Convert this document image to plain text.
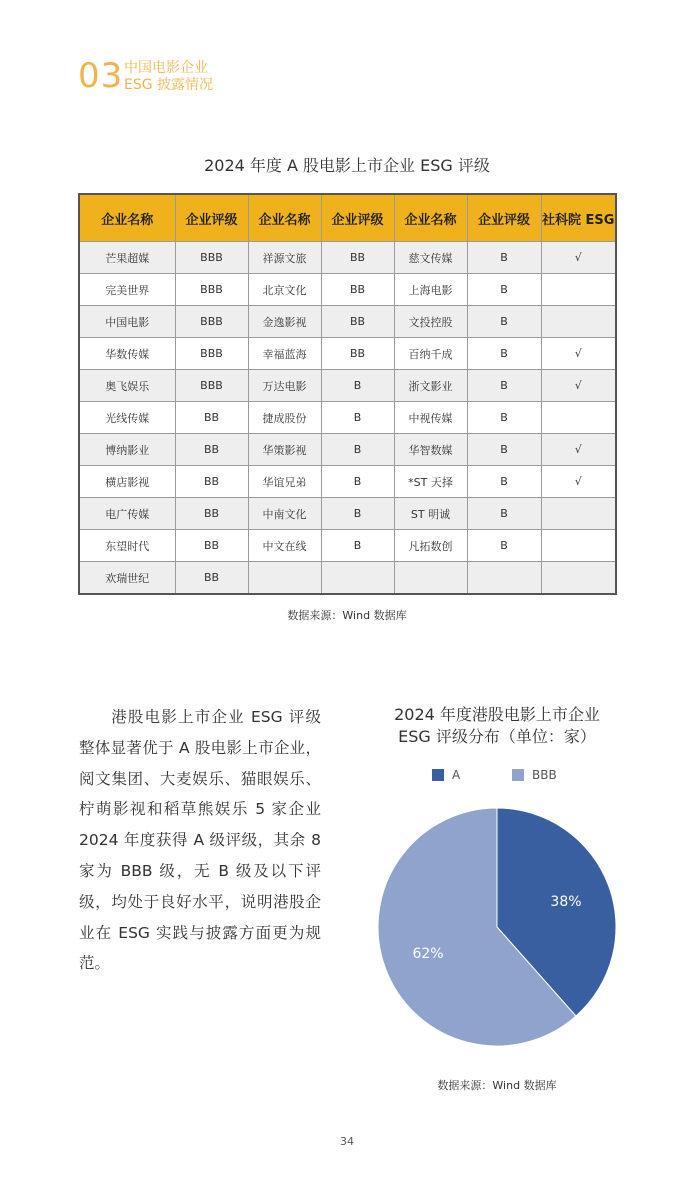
03 中国电影企业
ESG 披露情况
2024 年度 A 股电影上市企业 ESG 评级
企业名称	企业评级	企业名称	企业评级	企业名称	企业评级	社科院 ESG
芒果超媒	BBB	祥源文旅	BB	慈文传媒	B	√
完美世界	BBB	北京文化	BB	上海电影	B	
中国电影	BBB	金逸影视	BB	文投控股	B	
华数传媒	BBB	幸福蓝海	BB	百纳千成	B	√
奥飞娱乐	BBB	万达电影	B	浙文影业	B	√
光线传媒	BB	捷成股份	B	中视传媒	B	
博纳影业	BB	华策影视	B	华智数媒	B	√
横店影视	BB	华谊兄弟	B	*ST 天择	B	√
电广传媒	BB	中南文化	B	ST 明诚	B	
东望时代	BB	中文在线	B	凡拓数创	B	
欢瑞世纪	BB					
数据来源：Wind 数据库
港股电影上市企业 ESG 评级整体显著优于 A 股电影上市企业，阅文集团、大麦娱乐、猫眼娱乐、柠萌影视和稻草熊娱乐 5 家企业 2024 年度获得 A 级评级，其余 8 家为 BBB 级，无 B 级及以下评级，均处于良好水平，说明港股企业在 ESG 实践与披露方面更为规范。
2024 年度港股电影上市企业 ESG 评级分布（单位：家）
A	BBB
38%
62%
数据来源：Wind 数据库
34
